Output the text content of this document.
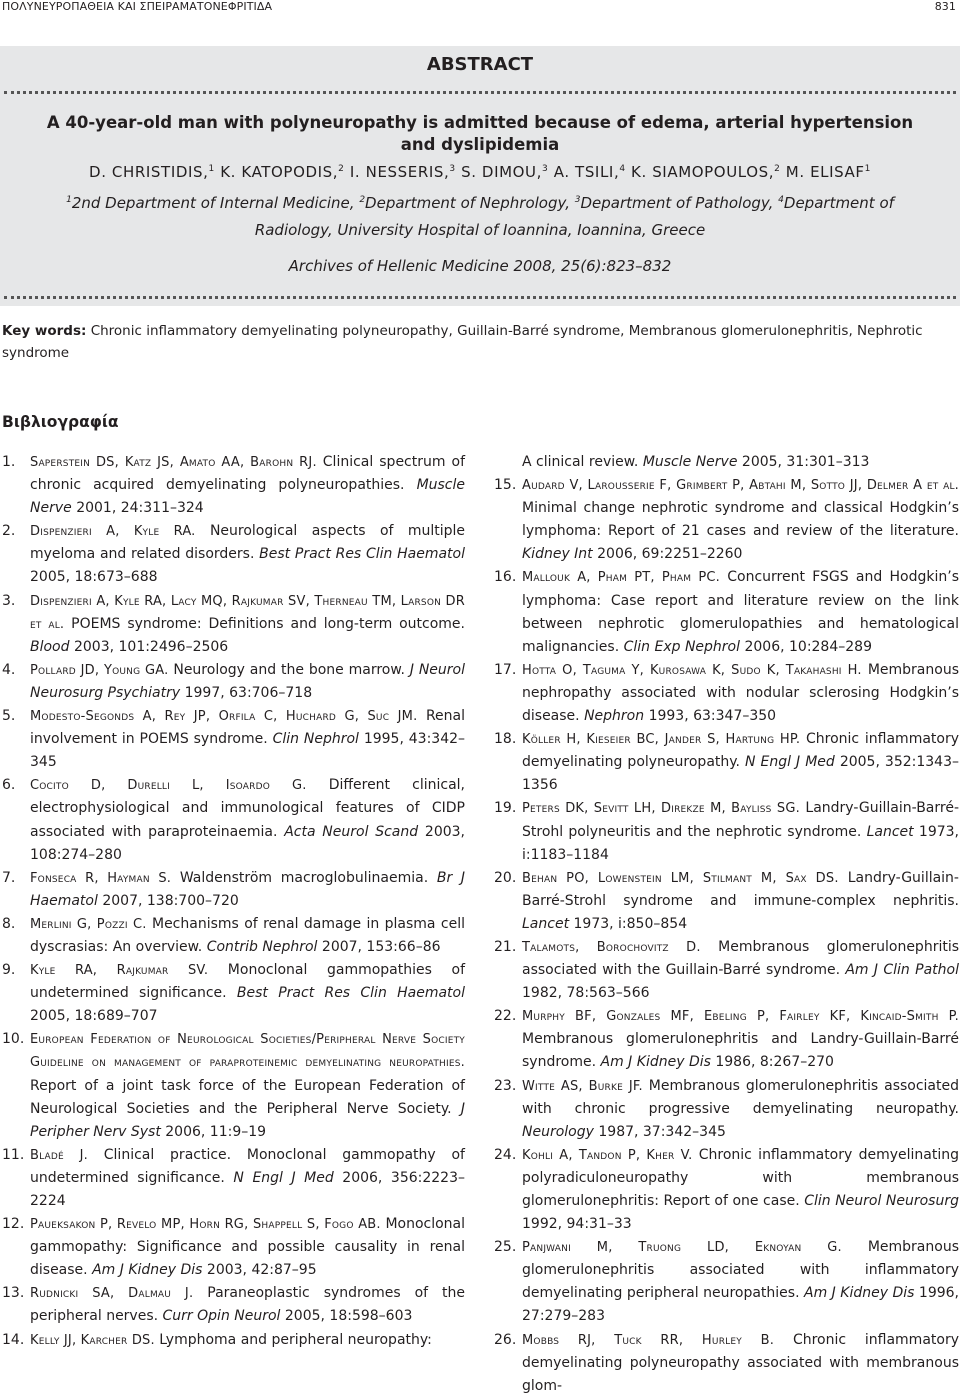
ΠΟΛΥΝΕΥΡΟΠΑΘΕΙΑ ΚΑΙ ΣΠΕΙΡΑΜΑΤΟΝΕΦΡΙΤΙΔΑ	831
ABSTRACT
A 40-year-old man with polyneuropathy is admitted because of edema, arterial hypertension
and dyslipidemia
D. CHRISTIDIS,$^1$ K. KATOPODIS,$^2$ I. NESSERIS,$^3$ S. DIMOU,$^3$ A. TSILI,$^4$ K. SIAMOPOULOS,$^2$ M. ELISAF$^1$
$^1$2nd Department of Internal Medicine, $^2$Department of Nephrology, $^3$Department of Pathology, $^4$Department of Radiology, University Hospital of Ioannina, Ioannina, Greece
Archives of Hellenic Medicine 2008, 25(6):823–832
Key words: Chronic inflammatory demyelinating polyneuropathy, Guillain-Barré syndrome, Membranous glomerulonephritis, Nephrotic syndrome
Βιβλιογραφία
1.	Saperstein DS, Katz JS, Amato AA, Barohn RJ. Clinical spectrum of chronic acquired demyelinating polyneuropathies. Muscle Nerve 2001, 24:311–324
2.	Dispenzieri A, Kyle RA. Neurological aspects of multiple myeloma and related disorders. Best Pract Res Clin Haematol 2005, 18:673–688
3.	Dispenzieri A, Kyle RA, Lacy MQ, Rajkumar SV, Therneau TM, Larson DR et al. POEMS syndrome: Definitions and long-term outcome. Blood 2003, 101:2496–2506
4.	Pollard JD, Young GA. Neurology and the bone marrow. J Neurol Neurosurg Psychiatry 1997, 63:706–718
5.	Modesto-Segonds A, Rey JP, Orfila C, Huchard G, Suc JM. Renal involvement in POEMS syndrome. Clin Nephrol 1995, 43:342–345
6.	Cocito D, Durelli L, Isoardo G. Different clinical, electrophysiological and immunological features of CIDP associated with paraproteinaemia. Acta Neurol Scand 2003, 108:274–280
7.	Fonseca R, Hayman S. Waldenström macroglobulinaemia. Br J Haematol 2007, 138:700–720
8.	Merlini G, Pozzi C. Mechanisms of renal damage in plasma cell dyscrasias: An overview. Contrib Nephrol 2007, 153:66–86
9.	Kyle RA, Rajkumar SV. Monoclonal gammopathies of undetermined significance. Best Pract Res Clin Haematol 2005, 18:689–707
10. European Federation of Neurological Societies/Peripheral Nerve Society Guideline on management of paraproteinemic demyelinating neuropathies. Report of a joint task force of the European Federation of Neurological Societies and the Peripheral Nerve Society. J Peripher Nerv Syst 2006, 11:9–19
11. Bladé J. Clinical practice. Monoclonal gammopathy of undetermined significance. N Engl J Med 2006, 356:2223–2224
12. Paueksakon P, Revelo MP, Horn RG, Shappell S, Fogo AB. Monoclonal gammopathy: Significance and possible causality in renal disease. Am J Kidney Dis 2003, 42:87–95
13. Rudnicki SA, Dalmau J. Paraneoplastic syndromes of the peripheral nerves. Curr Opin Neurol 2005, 18:598–603
14. Kelly JJ, Karcher DS. Lymphoma and peripheral neuropathy:
A clinical review. Muscle Nerve 2005, 31:301–313
15. Audard V, Larousserie F, Grimbert P, Abtahi M, Sotto JJ, Delmer A et al. Minimal change nephrotic syndrome and classical Hodgkin’s lymphoma: Report of 21 cases and review of the literature. Kidney Int 2006, 69:2251–2260
16. Mallouk A, Pham PT, Pham PC. Concurrent FSGS and Hodgkin’s lymphoma: Case report and literature review on the link between nephrotic glomerulopathies and hematological malignancies. Clin Exp Nephrol 2006, 10:284–289
17. Hotta O, Taguma Y, Kurosawa K, Sudo K, Takahashi H. Membranous nephropathy associated with nodular sclerosing Hodgkin’s disease. Nephron 1993, 63:347–350
18. Köller H, Kieseier BC, Jander S, Hartung HP. Chronic inflammatory demyelinating polyneuropathy. N Engl J Med 2005, 352:1343–1356
19. Peters DK, Sevitt LH, Direkze M, Bayliss SG. Landry-Guillain-Barré-Strohl polyneuritis and the nephrotic syndrome. Lancet 1973, i:1183–1184
20. Behan PO, Lowenstein LM, Stilmant M, Sax DS. Landry-Guillain-Barré-Strohl syndrome and immune-complex nephritis. Lancet 1973, i:850–854
21. Talamots, Borochovitz D. Membranous glomerulonephritis associated with the Guillain-Barré syndrome. Am J Clin Pathol 1982, 78:563–566
22. Murphy BF, Gonzales MF, Ebeling P, Fairley KF, Kincaid-Smith P. Membranous glomerulonephritis and Landry-Guillain-Barré syndrome. Am J Kidney Dis 1986, 8:267–270
23. Witte AS, Burke JF. Membranous glomerulonephritis associated with chronic progressive demyelinating neuropathy. Neurology 1987, 37:342–345
24. Kohli A, Tandon P, Kher V. Chronic inflammatory demyelinating polyradiculoneuropathy with membranous glomerulonephritis: Report of one case. Clin Neurol Neurosurg 1992, 94:31–33
25. Panjwani M, Truong LD, Eknoyan G. Membranous glomerulonephritis associated with inflammatory demyelinating peripheral neuropathies. Am J Kidney Dis 1996, 27:279–283
26. Mobbs RJ, Tuck RR, Hurley B. Chronic inflammatory demyelinating polyneuropathy associated with membranous glom-
